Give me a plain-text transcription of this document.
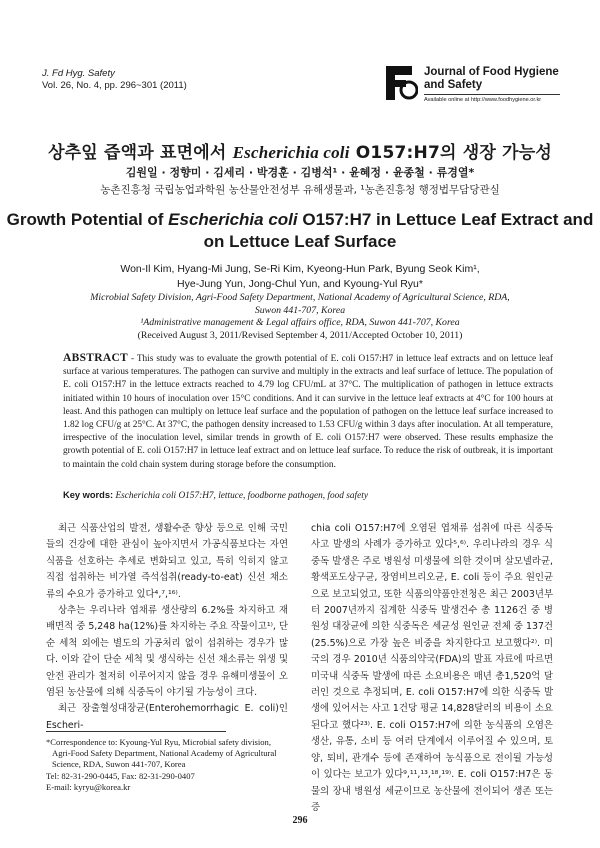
J. Fd Hyg. Safety
Vol. 26, No. 4, pp. 296~301 (2011)
Journal of Food Hygiene
and Safety
Available online at http://www.foodhygiene.or.kr
상추잎 즙액과 표면에서 Escherichia coli O157:H7의 생장 가능성
김원일 · 정향미 · 김세리 · 박경훈 · 김병석¹ · 윤혜정 · 윤종철 · 류경열*
농촌진흥청 국립농업과학원 농산물안전성부 유해생물과, ¹농촌진흥청 행정법무담당관실
Growth Potential of Escherichia coli O157:H7 in Lettuce Leaf Extract and
on Lettuce Leaf Surface
Won-Il Kim, Hyang-Mi Jung, Se-Ri Kim, Kyeong-Hun Park, Byung Seok Kim¹,
Hye-Jung Yun, Jong-Chul Yun, and Kyoung-Yul Ryu*
Microbial Safety Division, Agri-Food Safety Department, National Academy of Agricultural Science, RDA,
Suwon 441-707, Korea
¹Administrative management & Legal affairs office, RDA, Suwon 441-707, Korea
(Received August 3, 2011/Revised September 4, 2011/Accepted October 10, 2011)
ABSTRACT - This study was to evaluate the growth potential of E. coli O157:H7 in lettuce leaf extracts and on lettuce leaf surface at various temperatures. The pathogen can survive and multiply in the extracts and leaf surface of lettuce. The population of E. coli O157:H7 in the lettuce extracts reached to 4.79 log CFU/mL at 37°C. The multiplication of pathogen in lettuce extracts initiated within 10 hours of inoculation over 15°C conditions. And it can survive in the lettuce leaf extracts at 4°C for 100 hours at least. And this pathogen can multiply on lettuce leaf surface and the population of pathogen on the lettuce leaf surface increased to 1.82 log CFU/g at 25°C. At 37°C, the pathogen density increased to 1.53 CFU/g within 3 days after inoculation. At all temperature, irrespective of the inoculation level, similar trends in growth of E. coli O157:H7 were observed. These results emphasize the growth potential of E. coli O157:H7 in lettuce leaf extract and on lettuce leaf surface. To reduce the risk of outbreak, it is important to maintain the cold chain system during storage before the consumption.
Key words: Escherichia coli O157:H7, lettuce, foodborne pathogen, food safety

최근 식품산업의 발전, 생활수준 향상 등으로 인해 국민들의 건강에 대한 관심이 높아지면서 가공식품보다는 자연식품을 선호하는 추세로 변화되고 있고, 특히 익히지 않고 직접 섭취하는 비가열 즉석섭취(ready-to-eat) 신선 채소류의 수요가 증가하고 있다⁴,⁷,¹⁶⁾.

상추는 우리나라 엽채류 생산량의 6.2%를 차지하고 재배면적 중 5,248 ha(12%)를 차지하는 주요 작물이고¹⁾, 단순 세척 외에는 별도의 가공처리 없이 섭취하는 경우가 많다. 이와 같이 단순 세척 및 생식하는 신선 채소류는 위생 및 안전 관리가 철저히 이루어지지 않을 경우 유해미생물이 오염된 농산물에 의해 식중독이 야기될 가능성이 크다.

최근 장출혈성대장균(Enterohemorrhagic E. coli)인 Escheri-

chia coli O157:H7에 오염된 엽채류 섭취에 따른 식중독 사고 발생의 사례가 증가하고 있다⁵,⁶⁾. 우리나라의 경우 식중독 발생은 주로 병원성 미생물에 의한 것이며 살모넬라균, 황색포도상구균, 장염비브리오균, E. coli 등이 주요 원인균으로 보고되었고, 또한 식품의약품안전청은 최근 2003년부터 2007년까지 집계한 식중독 발생건수 총 1126건 중 병원성 대장균에 의한 식중독은 세균성 원인균 전체 중 137건(25.5%)으로 가장 높은 비중을 차지한다고 보고했다²⁾. 미국의 경우 2010년 식품의약국(FDA)의 발표 자료에 따르면 미국내 식중독 발생에 따른 소요비용은 매년 총1,520억 달러인 것으로 추정되며, E. coli O157:H7에 의한 식중독 발생에 있어서는 사고 1건당 평균 14,828달러의 비용이 소요된다고 했다²³⁾. E. coli O157:H7에 의한 농식품의 오염은 생산, 유통, 소비 등 여러 단계에서 이루어질 수 있으며, 토양, 퇴비, 관개수 등에 존재하여 농식품으로 전이될 가능성이 있다는 보고가 있다⁹,¹¹,¹³,¹⁸,¹⁹⁾. E. coli O157:H7은 동물의 장내 병원성 세균이므로 농산물에 전이되어 생존 또는 증

*Correspondence to: Kyoung-Yul Ryu, Microbial safety division,
Agri-Food Safety Department, National Academy of Agricultural
Science, RDA, Suwon 441-707, Korea
Tel: 82-31-290-0445, Fax: 82-31-290-0407
E-mail: kyryu@korea.kr
296
